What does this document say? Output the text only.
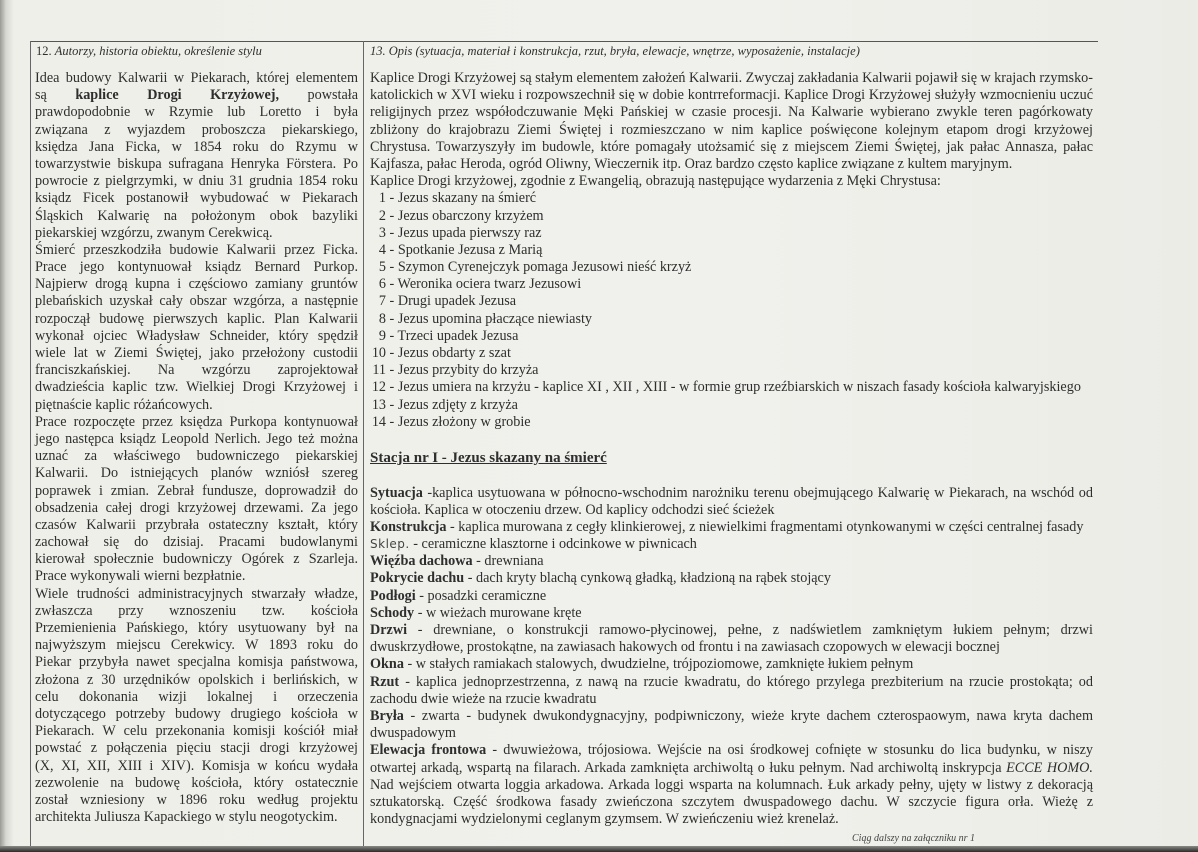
12. Autorzy, historia obiektu, określenie stylu	13. Opis (sytuacja, materiał i konstrukcja, rzut, bryła, elewacje, wnętrze, wyposażenie, instalacje)
Idea budowy Kalwarii w Piekarach, której elementem
są kaplice Drogi Krzyżowej, powstała
prawdopodobnie w Rzymie lub Loretto i była
związana z wyjazdem proboszcza piekarskiego,
księdza Jana Ficka, w 1854 roku do Rzymu w
towarzystwie biskupa sufragana Henryka Förstera. Po
powrocie z pielgrzymki, w dniu 31 grudnia 1854 roku
ksiądz Ficek postanowił wybudować w Piekarach
Śląskich Kalwarię na położonym obok bazyliki
piekarskiej wzgórzu, zwanym Cerekwicą.
Śmierć przeszkodziła budowie Kalwarii przez Ficka.
Prace jego kontynuował ksiądz Bernard Purkop.
Najpierw drogą kupna i częściowo zamiany gruntów
plebańskich uzyskał cały obszar wzgórza, a następnie
rozpoczął budowę pierwszych kaplic. Plan Kalwarii
wykonał ojciec Władysław Schneider, który spędził
wiele lat w Ziemi Świętej, jako przełożony custodii
franciszkańskiej. Na wzgórzu zaprojektował
dwadzieścia kaplic tzw. Wielkiej Drogi Krzyżowej i
piętnaście kaplic różańcowych.
Prace rozpoczęte przez księdza Purkopa kontynuował
jego następca ksiądz Leopold Nerlich. Jego też można
uznać za właściwego budowniczego piekarskiej
Kalwarii. Do istniejących planów wzniósł szereg
poprawek i zmian. Zebrał fundusze, doprowadził do
obsadzenia całej drogi krzyżowej drzewami. Za jego
czasów Kalwarii przybrała ostateczny kształt, który
zachował się do dzisiaj. Pracami budowlanymi
kierował społecznie budowniczy Ogórek z Szarleja.
Prace wykonywali wierni bezpłatnie.
Wiele trudności administracyjnych stwarzały władze,
zwłaszcza przy wznoszeniu tzw. kościoła
Przemienienia Pańskiego, który usytuowany był na
najwyższym miejscu Cerekwicy. W 1893 roku do
Piekar przybyła nawet specjalna komisja państwowa,
złożona z 30 urzędników opolskich i berlińskich, w
celu dokonania wizji lokalnej i orzeczenia
dotyczącego potrzeby budowy drugiego kościoła w
Piekarach. W celu przekonania komisji kościół miał
powstać z połączenia pięciu stacji drogi krzyżowej
(X, XI, XII, XIII i XIV). Komisja w końcu wydała
zezwolenie na budowę kościoła, który ostatecznie
został wzniesiony w 1896 roku według projektu
architekta Juliusza Kapackiego w stylu neogotyckim.
Kaplice Drogi Krzyżowej są stałym elementem założeń Kalwarii. Zwyczaj zakładania Kalwarii pojawił się w krajach rzymsko-
katolickich w XVI wieku i rozpowszechnił się w dobie kontrreformacji. Kaplice Drogi Krzyżowej służyły wzmocnieniu uczuć
religijnych przez współodczuwanie Męki Pańskiej w czasie procesji. Na Kalwarie wybierano zwykle teren pagórkowaty
zbliżony do krajobrazu Ziemi Świętej i rozmieszczano w nim kaplice poświęcone kolejnym etapom drogi krzyżowej
Chrystusa. Towarzyszyły im budowle, które pomagały utożsamić się z miejscem Ziemi Świętej, jak pałac Annasza, pałac
Kajfasza, pałac Heroda, ogród Oliwny, Wieczernik itp. Oraz bardzo często kaplice związane z kultem maryjnym.
Kaplice Drogi krzyżowej, zgodnie z Ewangelią, obrazują następujące wydarzenia z Męki Chrystusa:
1 - Jezus skazany na śmierć
2 - Jezus obarczony krzyżem
3 - Jezus upada pierwszy raz
4 - Spotkanie Jezusa z Marią
5 - Szymon Cyrenejczyk pomaga Jezusowi nieść krzyż
6 - Weronika ociera twarz Jezusowi
7 - Drugi upadek Jezusa
8 - Jezus upomina płaczące niewiasty
9 - Trzeci upadek Jezusa
10 - Jezus obdarty z szat
11 - Jezus przybity do krzyża
12 - Jezus umiera na krzyżu - kaplice XI , XII , XIII - w formie grup rzeźbiarskich w niszach fasady kościoła kalwaryjskiego
13 - Jezus zdjęty z krzyża
14 - Jezus złożony w grobie
Stacja nr I - Jezus skazany na śmierć
Sytuacja -kaplica usytuowana w północno-wschodnim narożniku terenu obejmującego Kalwarię w Piekarach, na wschód od
kościoła. Kaplica w otoczeniu drzew. Od kaplicy odchodzi sieć ścieżek
Konstrukcja - kaplica murowana z cegły klinkierowej, z niewielkimi fragmentami otynkowanymi w części centralnej fasady
Sklep. - ceramiczne klasztorne i odcinkowe w piwnicach
Więźba dachowa - drewniana
Pokrycie dachu - dach kryty blachą cynkową gładką, kładzioną na rąbek stojący
Podłogi - posadzki ceramiczne
Schody - w wieżach murowane kręte
Drzwi - drewniane, o konstrukcji ramowo-płycinowej, pełne, z nadświetlem zamkniętym łukiem pełnym; drzwi
dwuskrzydłowe, prostokątne, na zawiasach hakowych od frontu i na zawiasach czopowych w elewacji bocznej
Okna - w stałych ramiakach stalowych, dwudzielne, trójpoziomowe, zamknięte łukiem pełnym
Rzut - kaplica jednoprzestrzenna, z nawą na rzucie kwadratu, do którego przylega prezbiterium na rzucie prostokąta; od
zachodu dwie wieże na rzucie kwadratu
Bryła - zwarta - budynek dwukondygnacyjny, podpiwniczony, wieże kryte dachem czterospaowym, nawa kryta dachem
dwuspadowym
Elewacja frontowa - dwuwieżowa, trójosiowa. Wejście na osi środkowej cofnięte w stosunku do lica budynku, w niszy
otwartej arkadą, wspartą na filarach. Arkada zamknięta archiwoltą o łuku pełnym. Nad archiwoltą inskrypcja ECCE HOMO.
Nad wejściem otwarta loggia arkadowa. Arkada loggi wsparta na kolumnach. Łuk arkady pełny, ujęty w listwy z dekoracją
sztukatorską. Część środkowa fasady zwieńczona szczytem dwuspadowego dachu. W szczycie figura orła. Wieżę z
kondygnacjami wydzielonymi ceglanym gzymsem. W zwieńczeniu wież krenelaż.
Ciąg dalszy na załączniku nr 1
